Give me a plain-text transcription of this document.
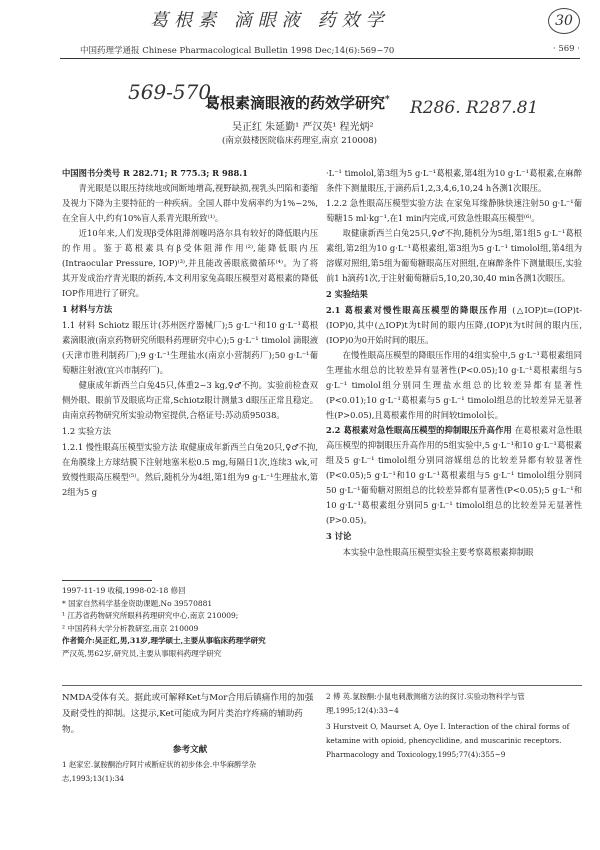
葛根素 滴眼液 药效学	30
中国药理学通报 Chinese Pharmacological Bulletin 1998 Dec;14(6):569~70	· 569 ·
569-570
R286. R287.81
葛根素滴眼液的药效学研究*
吴正红 朱延勤¹ 严汉英¹ 程光炳²
(南京鼓楼医院临床药理室,南京 210008)

中国图书分类号 R 282.71; R 775.3; R 988.1

青光眼是以眼压持续地或间断地增高,视野缺损,视乳头凹陷和萎缩及视力下降为主要特征的一种疾病。全国人群中发病率约为1%~2%,在全盲人中,约有10%盲人系青光眼所致⁽¹⁾。

近10年来,人们发现β受体阻滞剂噻吗洛尔具有较好的降低眼内压的作用。鉴于葛根素具有β受体阻滞作用⁽²⁾,能降低眼内压(Intraocular Pressure, IOP)⁽³⁾,并且能改善眼底微循环⁽⁴⁾。为了将其开发成治疗青光眼的新药,本文利用家兔高眼压模型对葛根素的降低IOP作用进行了研究。

1 材料与方法

1.1 材料 Schiotz 眼压计(苏州医疗器械厂);5 g·L⁻¹和10 g·L⁻¹葛根素滴眼液(南京药物研究所眼科药理研究中心);5 g·L⁻¹ timolol 滴眼液(天津市胜利制药厂);9 g·L⁻¹生理盐水(南京小营制药厂);50 g·L⁻¹葡萄糖注射液(宜兴市制药厂)。

健康成年新西兰白兔45只,体重2~3 kg,♀♂不拘。实验前检查双侧外眼、眼前节及眼底均正常,Schiotz眼计测量3 d眼压正常且稳定。由南京药物研究所实验动物室提供,合格证号:苏动质95038。

1.2 实验方法

1.2.1 慢性眼高压模型实验方法 取健康成年新西兰白兔20只,♀♂不拘,在角膜缘上方球结膜下注射地塞米松0.5 mg,每隔日1次,连续3 wk,可致慢性眼高压模型⁽⁵⁾。然后,随机分为4组,第1组为9 g·L⁻¹生理盐水,第2组为5 g

1997-11-19 收稿,1998-02-18 修回

* 国家自然科学基金资助课题,No 39570881

¹ 江苏省药物研究所眼科药理研究中心,南京 210009;

² 中国药科大学分析教研室,南京 210009

作者简介:吴正红,男,31岁,理学硕士,主要从事临床药理学研究

严汉英,男62岁,研究员,主要从事眼科药理学研究

·L⁻¹ timolol,第3组为5 g·L⁻¹葛根素,第4组为10 g·L⁻¹葛根素,在麻醉条件下测量眼压,于滴药后1,2,3,4,6,10,24 h各测1次眼压。

1.2.2 急性眼高压模型实验方法 在家兔耳缘静脉快速注射50 g·L⁻¹葡萄糖15 ml·kg⁻¹,在1 min内完成,可致急性眼高压模型⁽⁶⁾。

取健康新西兰白兔25只,♀♂不拘,随机分为5组,第1组5 g·L⁻¹葛根素组,第2组为10 g·L⁻¹葛根素组,第3组为5 g·L⁻¹ timolol组,第4组为溶媒对照组,第5组为葡萄糖眼高压对照组,在麻醉条件下测量眼压,实验前1 h滴药1次,于注射葡萄糖后5,10,20,30,40 min各测1次眼压。

2 实验结果

2.1 葛根素对慢性眼高压模型的降眼压作用 (△IOP)t=(IOP)t-(IOP)0,其中(△IOP)t为t时间的眼内压降,(IOP)t为t时间的眼内压,(IOP)0为0开始时间的眼压。

在慢性眼高压模型的降眼压作用的4组实验中,5 g·L⁻¹葛根素组同生理盐水组总的比较差异有显著性(P<0.05);10 g·L⁻¹葛根素组与5 g·L⁻¹ timolol组分别同生理盐水组总的比较差异都有显著性(P<0.01);10 g·L⁻¹葛根素与5 g·L⁻¹ timolol组总的比较差异无显著性(P>0.05),且葛根素作用的时间较timolol长。

2.2 葛根素对急性眼高压模型的抑制眼压升高作用 在葛根素对急性眼高压模型的抑制眼压升高作用的5组实验中,5 g·L⁻¹和10 g·L⁻¹葛根素组及5 g·L⁻¹ timolol组分别同溶媒组总的比较差异都有较显著性(P<0.05);5 g·L⁻¹和10 g·L⁻¹葛根素组与5 g·L⁻¹ timolol组分别同50 g·L⁻¹葡萄糖对照组总的比较差异都有显著性(P<0.05);5 g·L⁻¹和10 g·L⁻¹葛根素组分别同5 g·L⁻¹ timolol组总的比较差异无显著性(P>0.05)。

3 讨论

本实验中急性眼高压模型实验主要考察葛根素抑制眼

NMDA受体有关。据此或可解释Ket与Mor合用后镇痛作用的加强及耐受性的抑制。这提示,Ket可能成为阿片类治疗疼痛的辅助药物。

参考文献

1 赵家宏.氯胺酮治疗阿片戒断症状的初步体会.中华麻醉学杂志,1993;13(1):34

2 傅 英.氯胺酮:小鼠电刺激测痛方法的探讨.实验动物科学与管理,1995;12(4):33~4

3 Hurstveit O, Maurset A, Oye I. Interaction of the chiral forms of ketamine with opioid, phencyclidine, and muscarinic receptors. Pharmacology and Toxicology,1995;77(4):355~9
